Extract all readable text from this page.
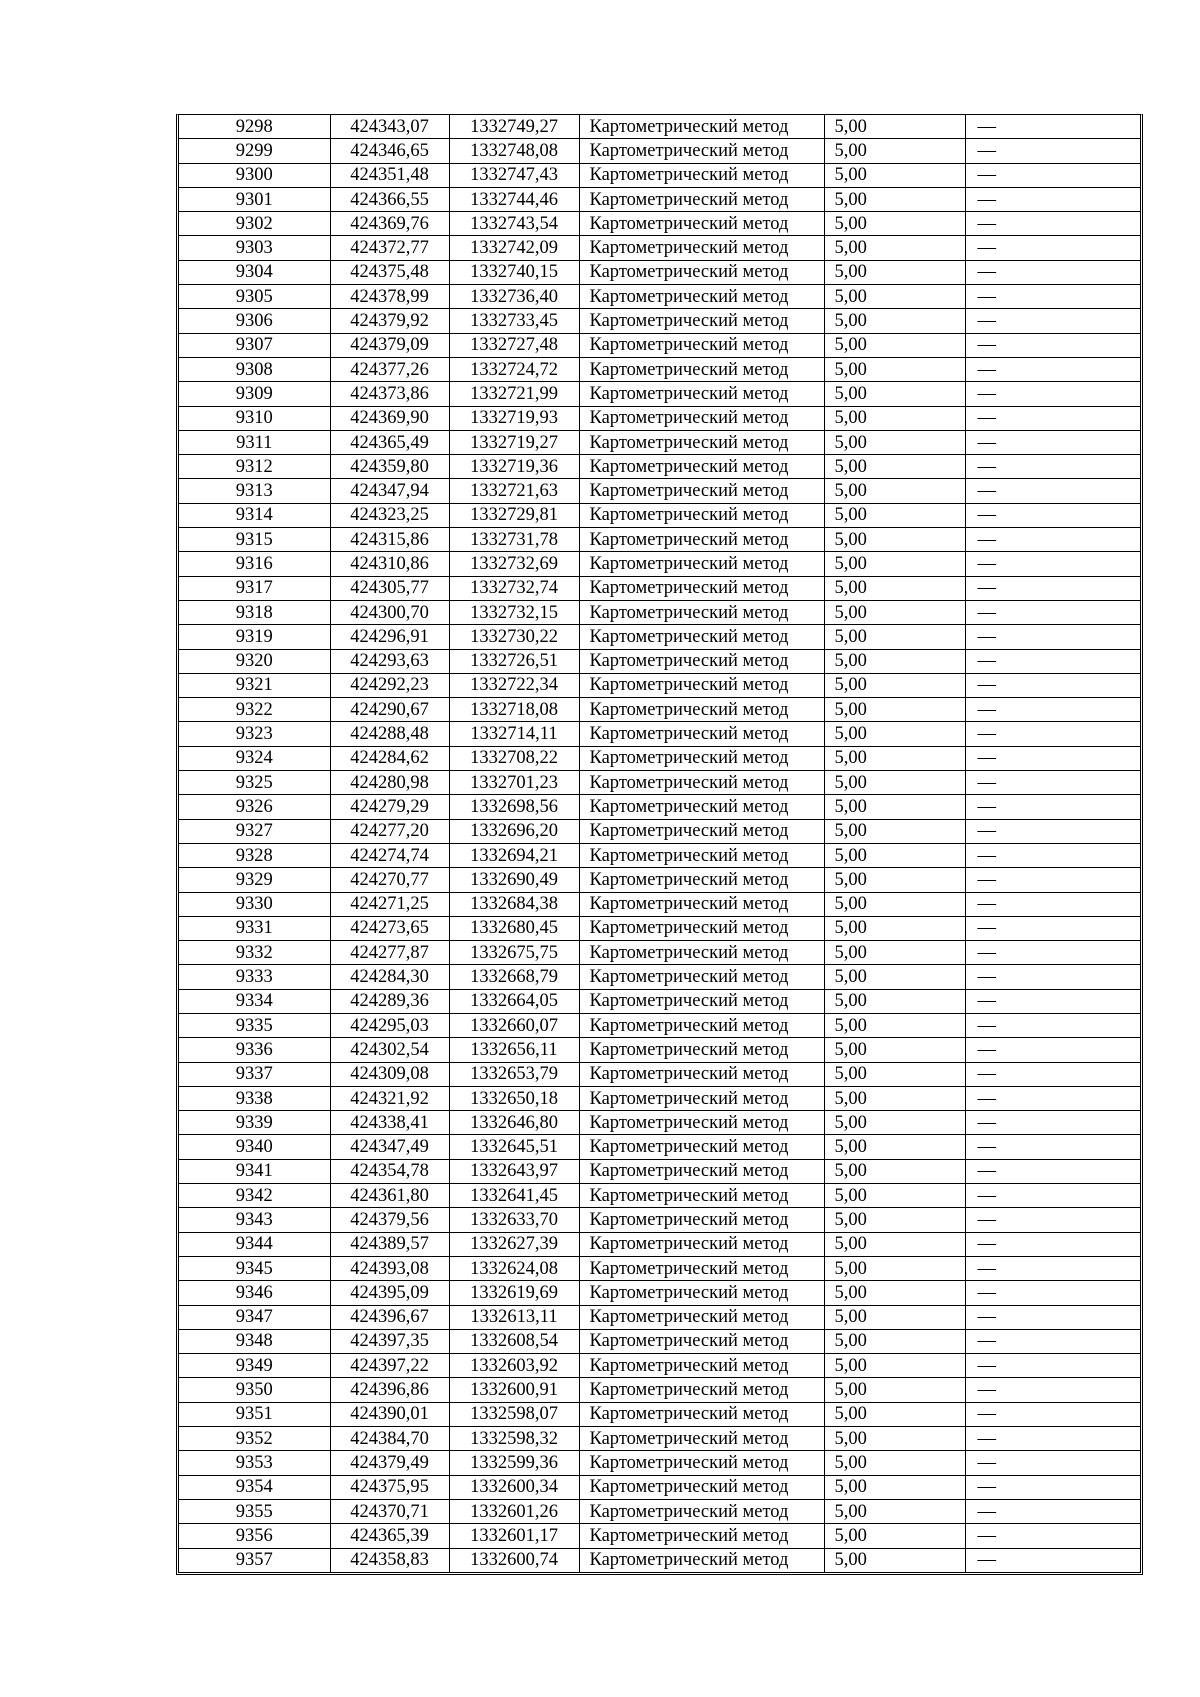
9298	424343,07	1332749,27	Картометрический метод	5,00	—
9299	424346,65	1332748,08	Картометрический метод	5,00	—
9300	424351,48	1332747,43	Картометрический метод	5,00	—
9301	424366,55	1332744,46	Картометрический метод	5,00	—
9302	424369,76	1332743,54	Картометрический метод	5,00	—
9303	424372,77	1332742,09	Картометрический метод	5,00	—
9304	424375,48	1332740,15	Картометрический метод	5,00	—
9305	424378,99	1332736,40	Картометрический метод	5,00	—
9306	424379,92	1332733,45	Картометрический метод	5,00	—
9307	424379,09	1332727,48	Картометрический метод	5,00	—
9308	424377,26	1332724,72	Картометрический метод	5,00	—
9309	424373,86	1332721,99	Картометрический метод	5,00	—
9310	424369,90	1332719,93	Картометрический метод	5,00	—
9311	424365,49	1332719,27	Картометрический метод	5,00	—
9312	424359,80	1332719,36	Картометрический метод	5,00	—
9313	424347,94	1332721,63	Картометрический метод	5,00	—
9314	424323,25	1332729,81	Картометрический метод	5,00	—
9315	424315,86	1332731,78	Картометрический метод	5,00	—
9316	424310,86	1332732,69	Картометрический метод	5,00	—
9317	424305,77	1332732,74	Картометрический метод	5,00	—
9318	424300,70	1332732,15	Картометрический метод	5,00	—
9319	424296,91	1332730,22	Картометрический метод	5,00	—
9320	424293,63	1332726,51	Картометрический метод	5,00	—
9321	424292,23	1332722,34	Картометрический метод	5,00	—
9322	424290,67	1332718,08	Картометрический метод	5,00	—
9323	424288,48	1332714,11	Картометрический метод	5,00	—
9324	424284,62	1332708,22	Картометрический метод	5,00	—
9325	424280,98	1332701,23	Картометрический метод	5,00	—
9326	424279,29	1332698,56	Картометрический метод	5,00	—
9327	424277,20	1332696,20	Картометрический метод	5,00	—
9328	424274,74	1332694,21	Картометрический метод	5,00	—
9329	424270,77	1332690,49	Картометрический метод	5,00	—
9330	424271,25	1332684,38	Картометрический метод	5,00	—
9331	424273,65	1332680,45	Картометрический метод	5,00	—
9332	424277,87	1332675,75	Картометрический метод	5,00	—
9333	424284,30	1332668,79	Картометрический метод	5,00	—
9334	424289,36	1332664,05	Картометрический метод	5,00	—
9335	424295,03	1332660,07	Картометрический метод	5,00	—
9336	424302,54	1332656,11	Картометрический метод	5,00	—
9337	424309,08	1332653,79	Картометрический метод	5,00	—
9338	424321,92	1332650,18	Картометрический метод	5,00	—
9339	424338,41	1332646,80	Картометрический метод	5,00	—
9340	424347,49	1332645,51	Картометрический метод	5,00	—
9341	424354,78	1332643,97	Картометрический метод	5,00	—
9342	424361,80	1332641,45	Картометрический метод	5,00	—
9343	424379,56	1332633,70	Картометрический метод	5,00	—
9344	424389,57	1332627,39	Картометрический метод	5,00	—
9345	424393,08	1332624,08	Картометрический метод	5,00	—
9346	424395,09	1332619,69	Картометрический метод	5,00	—
9347	424396,67	1332613,11	Картометрический метод	5,00	—
9348	424397,35	1332608,54	Картометрический метод	5,00	—
9349	424397,22	1332603,92	Картометрический метод	5,00	—
9350	424396,86	1332600,91	Картометрический метод	5,00	—
9351	424390,01	1332598,07	Картометрический метод	5,00	—
9352	424384,70	1332598,32	Картометрический метод	5,00	—
9353	424379,49	1332599,36	Картометрический метод	5,00	—
9354	424375,95	1332600,34	Картометрический метод	5,00	—
9355	424370,71	1332601,26	Картометрический метод	5,00	—
9356	424365,39	1332601,17	Картометрический метод	5,00	—
9357	424358,83	1332600,74	Картометрический метод	5,00	—
